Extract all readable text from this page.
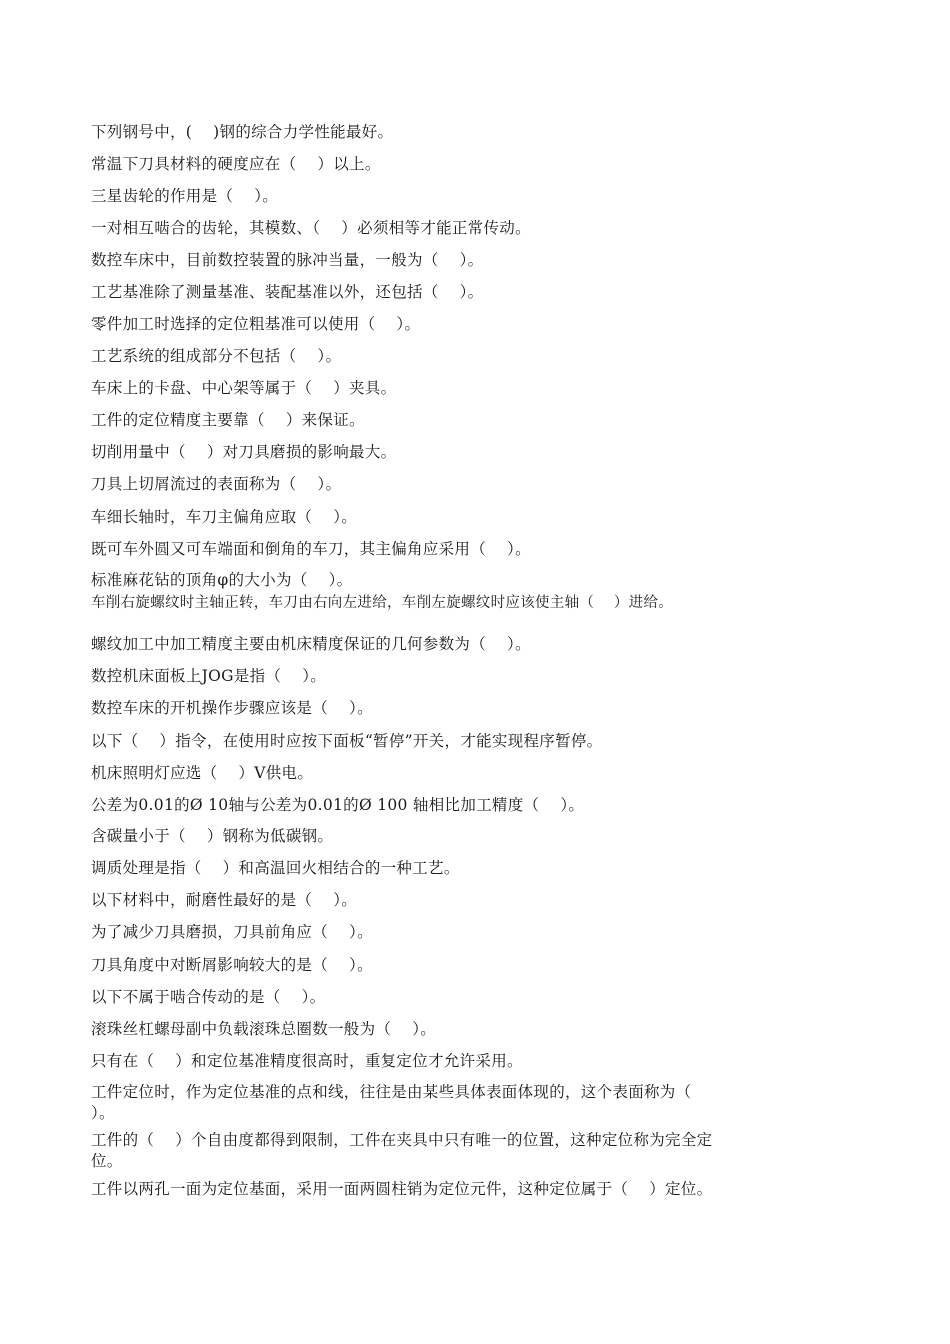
下列钢号中，(　 )钢的综合力学性能最好。
常温下刀具材料的硬度应在（　 ）以上。
三星齿轮的作用是（　 ）。
一对相互啮合的齿轮，其模数、（　 ）必须相等才能正常传动。
数控车床中，目前数控装置的脉冲当量，一般为（　 ）。
工艺基准除了测量基准、装配基准以外，还包括（　 ）。
零件加工时选择的定位粗基准可以使用（　 ）。
工艺系统的组成部分不包括（　 ）。
车床上的卡盘、中心架等属于（　 ）夹具。
工件的定位精度主要靠（　 ）来保证。
切削用量中（　 ）对刀具磨损的影响最大。
刀具上切屑流过的表面称为（　 ）。
车细长轴时，车刀主偏角应取（　 ）。
既可车外圆又可车端面和倒角的车刀，其主偏角应采用（　 ）。
标准麻花钻的顶角φ的大小为（　 ）。
车削右旋螺纹时主轴正转，车刀由右向左进给，车削左旋螺纹时应该使主轴（　 ）进给。
螺纹加工中加工精度主要由机床精度保证的几何参数为（　 ）。
数控机床面板上JOG是指（　 ）。
数控车床的开机操作步骤应该是（　 ）。
以下（　 ）指令，在使用时应按下面板“暂停”开关，才能实现程序暂停。
机床照明灯应选（　 ）V供电。
公差为0.01的Ø 10轴与公差为0.01的Ø 100 轴相比加工精度（　 ）。
含碳量小于（　 ）钢称为低碳钢。
调质处理是指（　 ）和高温回火相结合的一种工艺。
以下材料中，耐磨性最好的是（　 ）。
为了减少刀具磨损，刀具前角应（　 ）。
刀具角度中对断屑影响较大的是（　 ）。
以下不属于啮合传动的是（　 ）。
滚珠丝杠螺母副中负载滚珠总圈数一般为（　 ）。
只有在（　 ）和定位基准精度很高时，重复定位才允许采用。
工件定位时，作为定位基准的点和线，往往是由某些具体表面体现的，这个表面称为（　 ）。
工件的（　 ）个自由度都得到限制，工件在夹具中只有唯一的位置，这种定位称为完全定位。
工件以两孔一面为定位基面，采用一面两圆柱销为定位元件，这种定位属于（　 ）定位。
